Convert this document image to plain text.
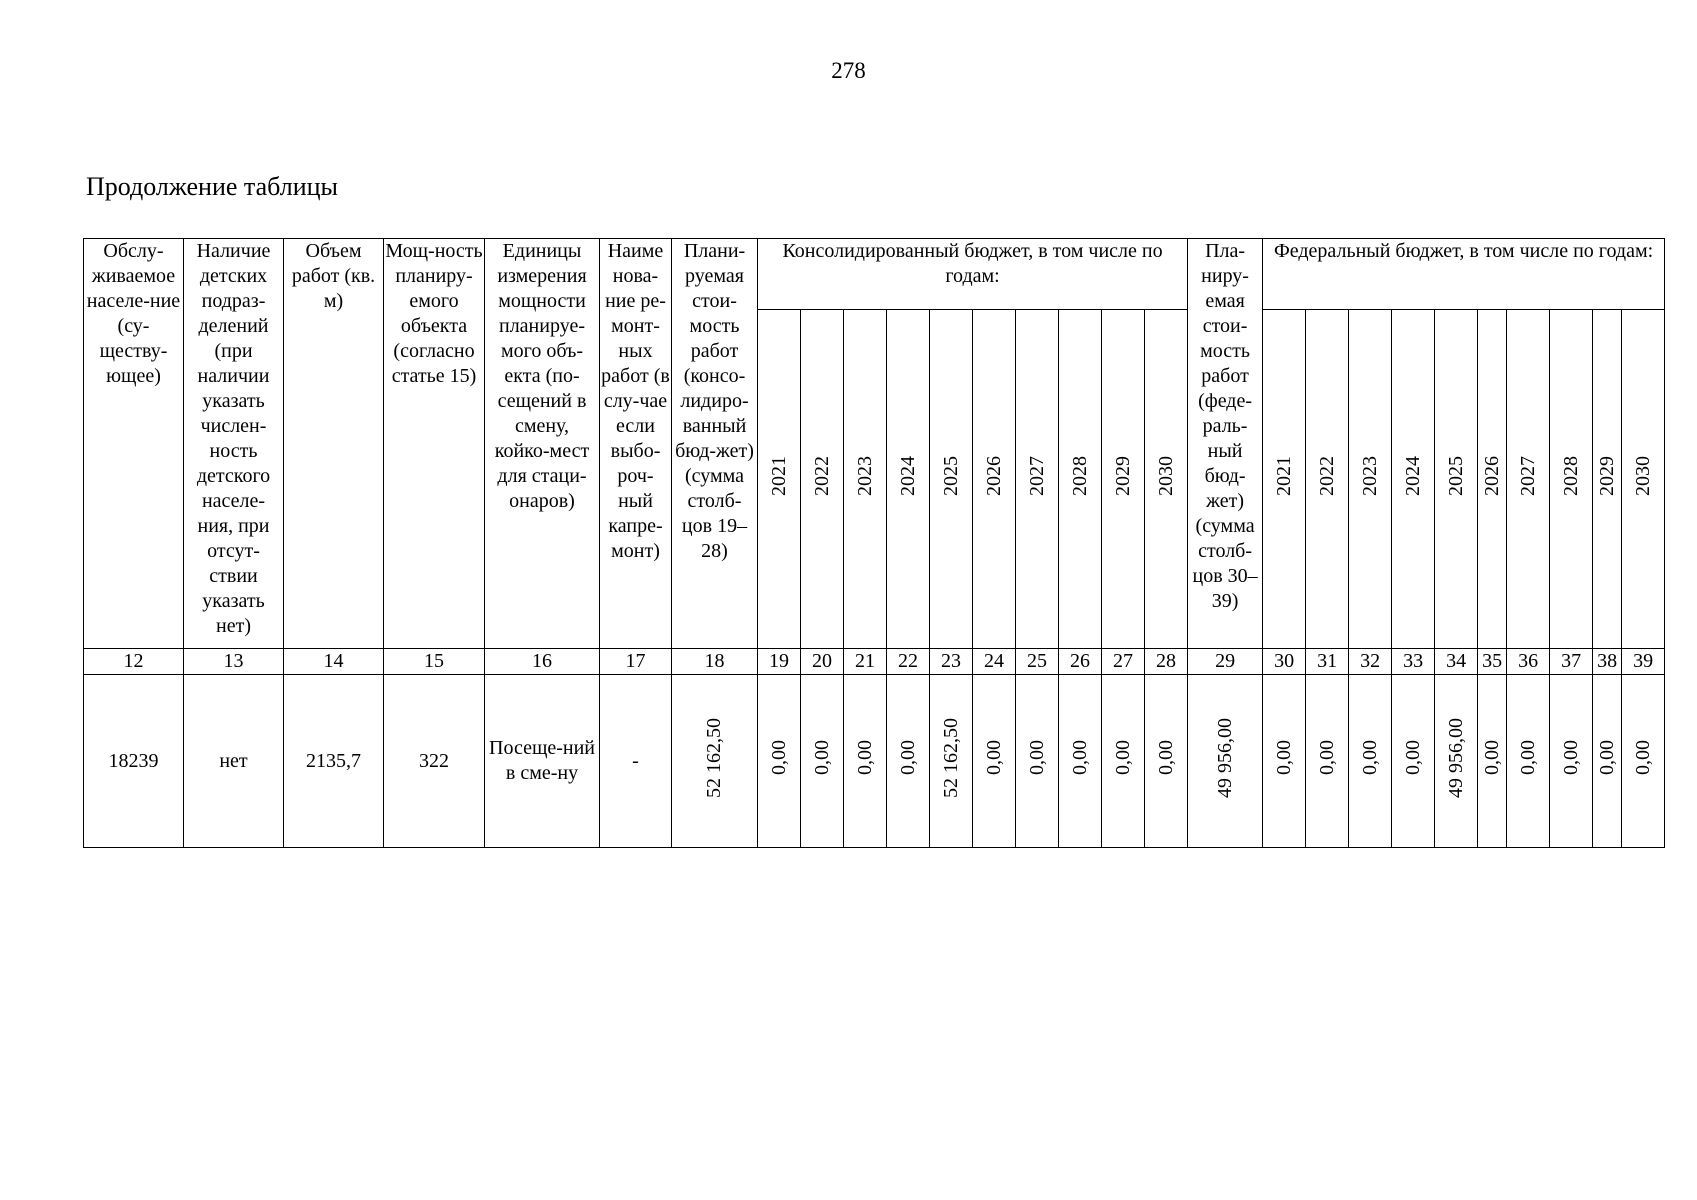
278
Продолжение таблицы
Обслу-живаемое населе-ние (су-ществу-ющее)	Наличие детских подраз-делений (при наличии указать числен-ность детского населе-ния, при отсут-ствии указать нет)	Объем работ (кв. м)	Мощ-ность планиру-емого объекта (согласно статье 15)	Единицы измерения мощности планируе-мого объ-екта (по-сещений в смену, койко-мест для стаци-онаров)	Наиме нова-ние ре-монт-ных работ (в слу-чае если выбо-роч-ный капре-монт)	Плани-руемая стои-мость работ (консо-лидиро-ванный бюд-жет) (сумма столб-цов 19–28)	Консолидированный бюджет, в том числе по годам:										Пла-ниру-емая стои-мость работ (феде-раль-ный бюд-жет) (сумма столб-цов 30–39)	Федеральный бюджет, в том числе по годам:									
							2021	2022	2023	2024	2025	2026	2027	2028	2029	2030		2021	2022	2023	2024	2025	2026	2027	2028	2029	2030
12	13	14	15	16	17	18	19	20	21	22	23	24	25	26	27	28	29	30	31	32	33	34	35	36	37	38	39
18239	нет	2135,7	322	Посеще-ний в сме-ну	-	52 162,50	0,00	0,00	0,00	0,00	52 162,50	0,00	0,00	0,00	0,00	0,00	49 956,00	0,00	0,00	0,00	0,00	49 956,00	0,00	0,00	0,00	0,00	0,00
